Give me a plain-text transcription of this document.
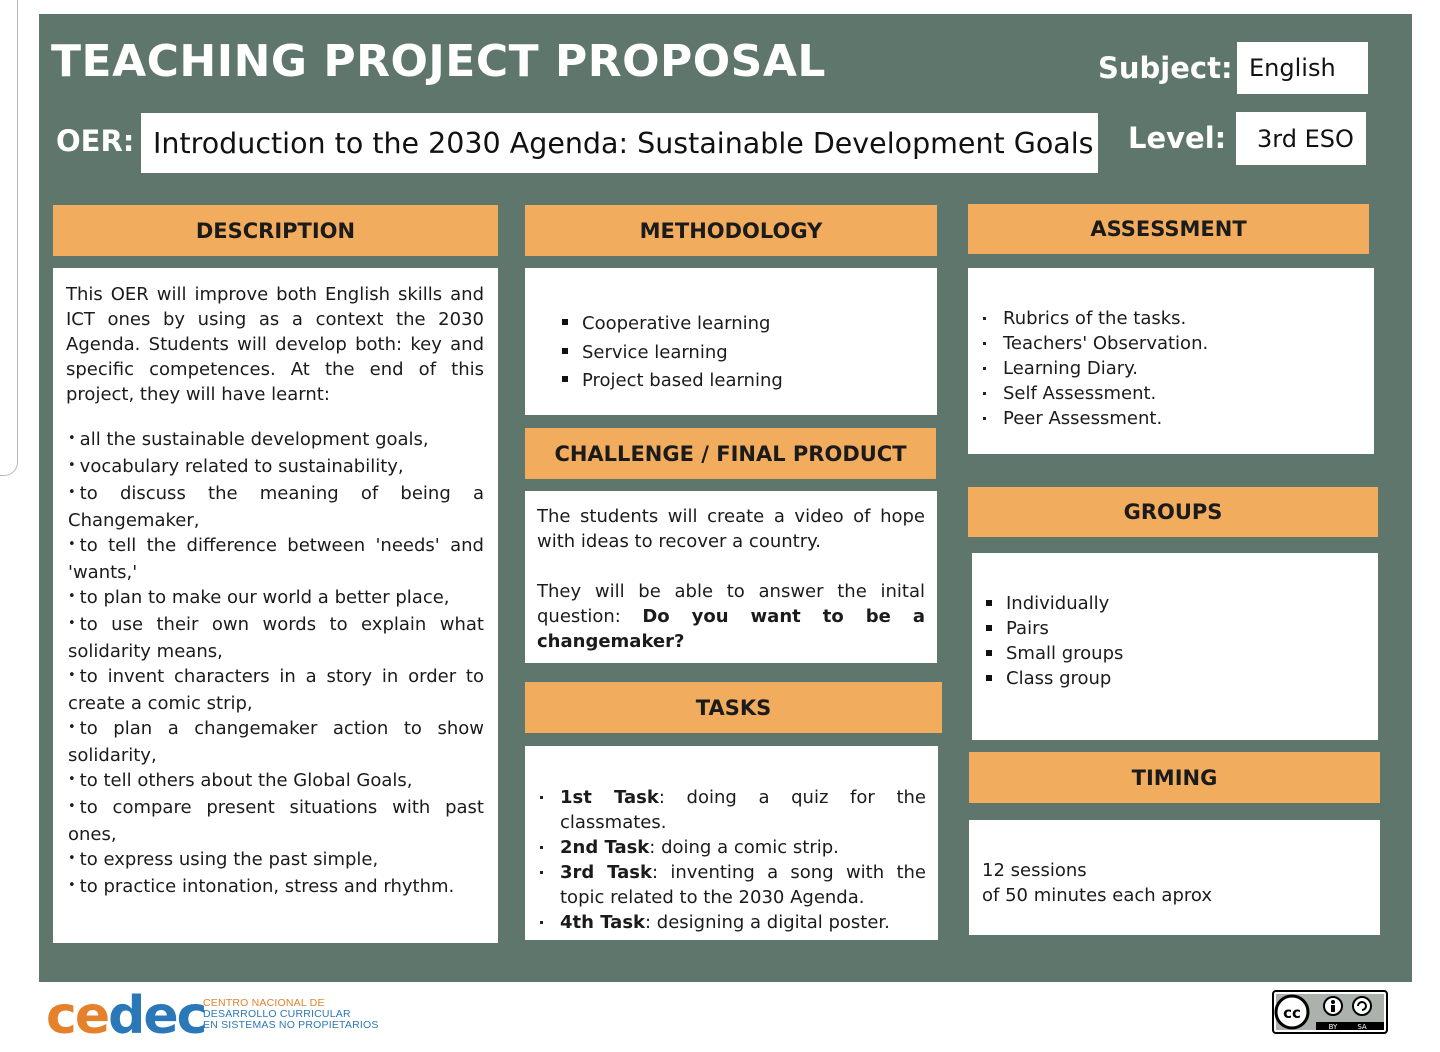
TEACHING PROJECT PROPOSAL	Subject: English
OER: Introduction to the 2030 Agenda: Sustainable Development Goals Level: 3rd ESO
DESCRIPTION

This OER will improve both English skills and ICT ones by using as a context the 2030 Agenda. Students will develop both: key and specific competences. At the end of this project, they will have learnt:

• all the sustainable development goals,
• vocabulary related to sustainability,
• to discuss the meaning of being a Changemaker,
• to tell the difference between 'needs' and 'wants,'
• to plan to make our world a better place,
• to use their own words to explain what solidarity means,
• to invent characters in a story in order to create a comic strip,
• to plan a changemaker action to show solidarity,
• to tell others about the Global Goals,
• to compare present situations with past ones,
• to express using the past simple,
• to practice intonation, stress and rhythm.
METHODOLOGY
Cooperative learning
Service learning
Project based learning
CHALLENGE / FINAL PRODUCT

The students will create a video of hope with ideas to recover a country.

They will be able to answer the inital question: Do you want to be a changemaker?

TASKS
1st Task: doing a quiz for the classmates.
2nd Task: doing a comic strip.
3rd Task: inventing a song with the topic related to the 2030 Agenda.
4th Task: designing a digital poster.
ASSESSMENT
Rubrics of the tasks.
Teachers' Observation.
Learning Diary.
Self Assessment.
Peer Assessment.
GROUPS
Individually
Pairs
Small groups
Class group
TIMING

12 sessions

of 50 minutes each aprox

cedec
CENTRO NACIONAL DE
DESARROLLO CURRICULAR
EN SISTEMAS NO PROPIETARIOS
cc
BY	SA
